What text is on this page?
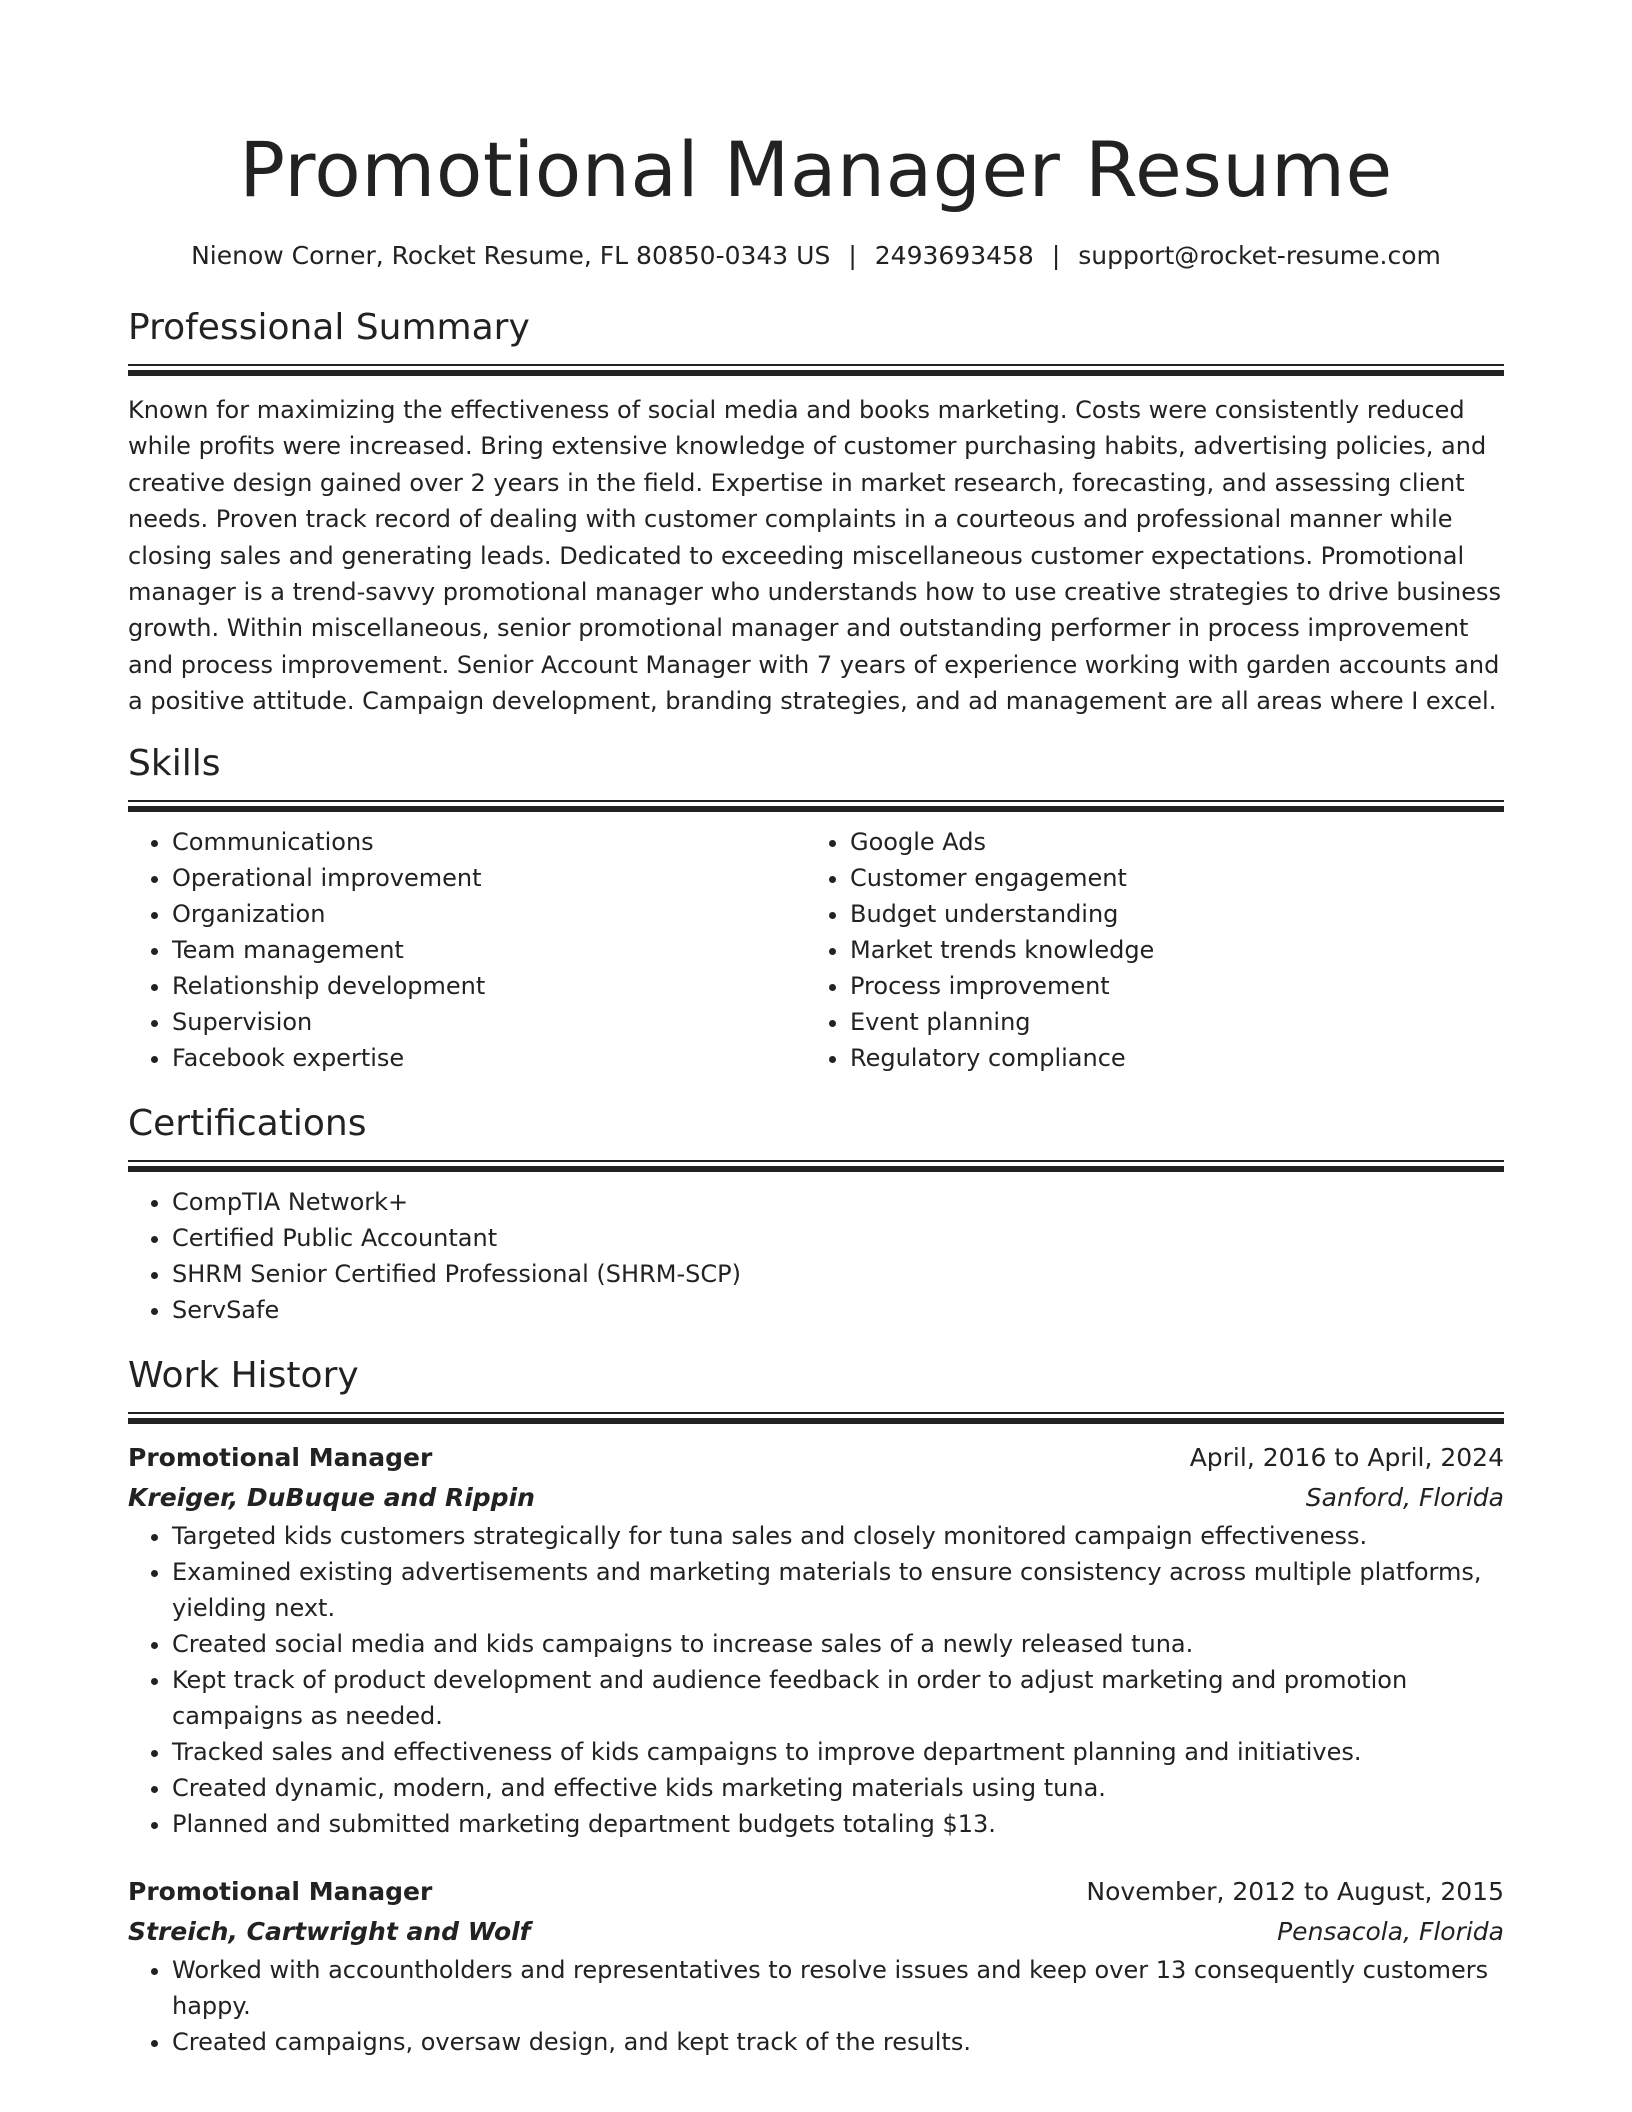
Promotional Manager Resume
Nienow Corner, Rocket Resume, FL 80850-0343 US | 2493693458 | support@rocket-resume.com
Professional Summary

Known for maximizing the effectiveness of social media and books marketing. Costs were consistently reduced while profits were increased. Bring extensive knowledge of customer purchasing habits, advertising policies, and creative design gained over 2 years in the field. Expertise in market research, forecasting, and assessing client needs. Proven track record of dealing with customer complaints in a courteous and professional manner while closing sales and generating leads. Dedicated to exceeding miscellaneous customer expectations. Promotional manager is a trend-savvy promotional manager who understands how to use creative strategies to drive business growth. Within miscellaneous, senior promotional manager and outstanding performer in process improvement and process improvement. Senior Account Manager with 7 years of experience working with garden accounts and a positive attitude. Campaign development, branding strategies, and ad management are all areas where I excel.

Skills
• Communications
• Operational improvement
• Organization
• Team management
• Relationship development
• Supervision
• Facebook expertise
• Google Ads
• Customer engagement
• Budget understanding
• Market trends knowledge
• Process improvement
• Event planning
• Regulatory compliance
Certifications
• CompTIA Network+
• Certified Public Accountant
• SHRM Senior Certified Professional (SHRM-SCP)
• ServSafe
Work History
Promotional Manager	April, 2016 to April, 2024
Kreiger, DuBuque and Rippin	Sanford, Florida
• Targeted kids customers strategically for tuna sales and closely monitored campaign effectiveness.
• Examined existing advertisements and marketing materials to ensure consistency across multiple platforms, yielding next.
• Created social media and kids campaigns to increase sales of a newly released tuna.
• Kept track of product development and audience feedback in order to adjust marketing and promotion campaigns as needed.
• Tracked sales and effectiveness of kids campaigns to improve department planning and initiatives.
• Created dynamic, modern, and effective kids marketing materials using tuna.
• Planned and submitted marketing department budgets totaling $13.
Promotional Manager	November, 2012 to August, 2015
Streich, Cartwright and Wolf	Pensacola, Florida
• Worked with accountholders and representatives to resolve issues and keep over 13 consequently customers happy.
• Created campaigns, oversaw design, and kept track of the results.
